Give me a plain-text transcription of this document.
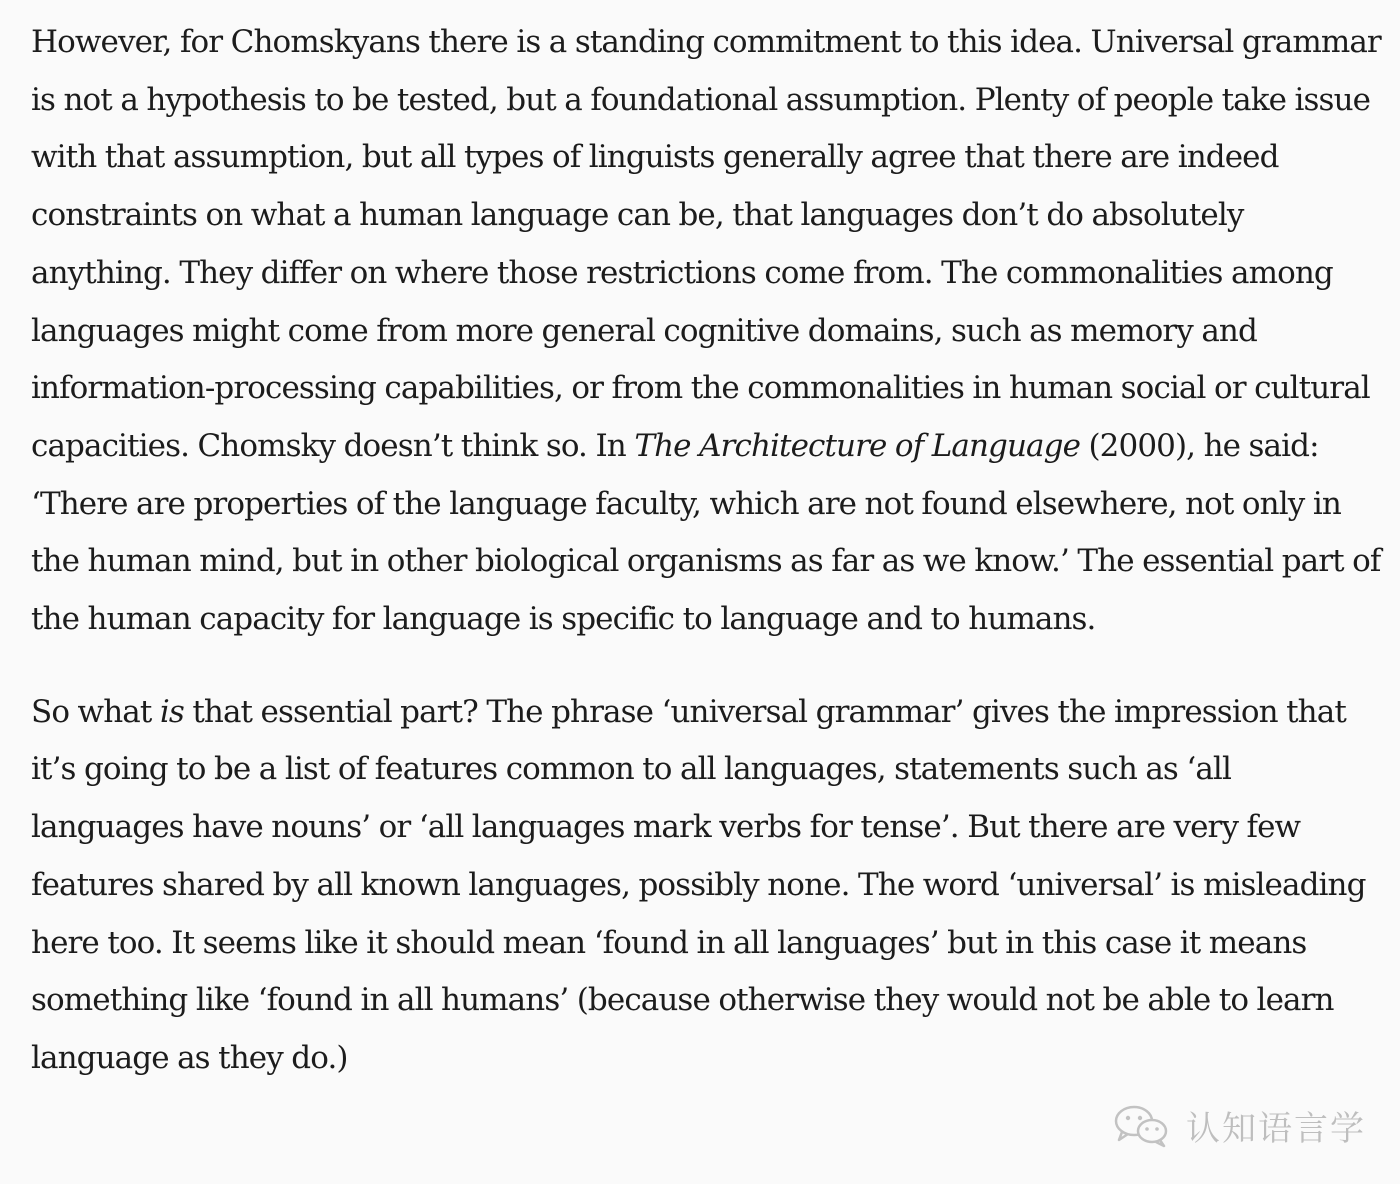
However, for Chomskyans there is a standing commitment to this idea. Universal grammar is not a hypothesis to be tested, but a foundational assumption. Plenty of people take issue with that assumption, but all types of linguists generally agree that there are indeed constraints on what a human language can be, that languages don’t do absolutely anything. They differ on where those restrictions come from. The commonalities among languages might come from more general cognitive domains, such as memory and information-processing capabilities, or from the commonalities in human social or cultural capacities. Chomsky doesn’t think so. In The Architecture of Language (2000), he said: ‘There are properties of the language faculty, which are not found elsewhere, not only in the human mind, but in other biological organisms as far as we know.’ The essential part of the human capacity for language is specific to language and to humans.

So what is that essential part? The phrase ‘universal grammar’ gives the impression that it’s going to be a list of features common to all languages, statements such as ‘all languages have nouns’ or ‘all languages mark verbs for tense’. But there are very few features shared by all known languages, possibly none. The word ‘universal’ is misleading here too. It seems like it should mean ‘found in all languages’ but in this case it means something like ‘found in all humans’ (because otherwise they would not be able to learn language as they do.)

认知语言学
